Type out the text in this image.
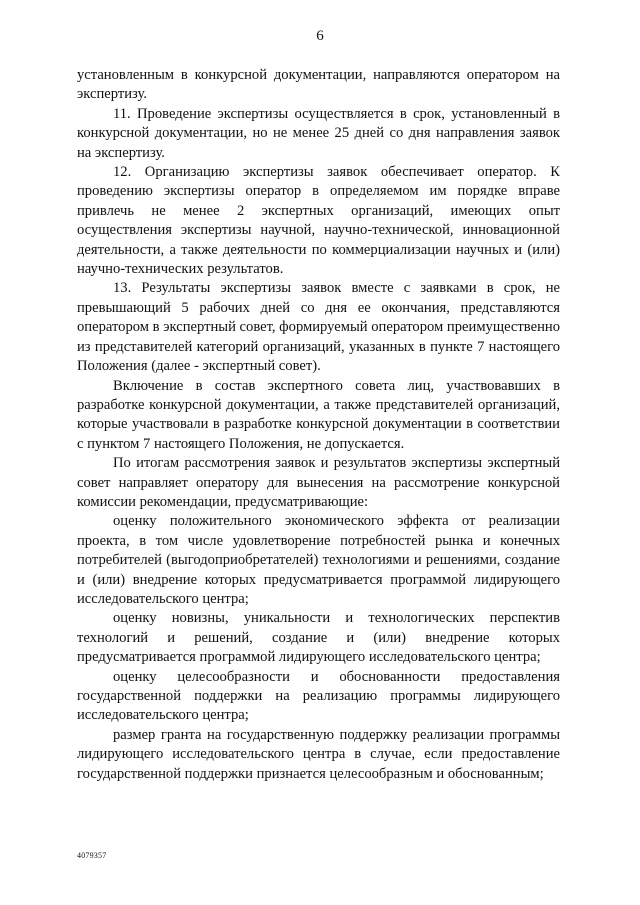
6

установленным в конкурсной документации, направляются оператором на экспертизу.

11. Проведение экспертизы осуществляется в срок, установленный в конкурсной документации, но не менее 25 дней со дня направления заявок на экспертизу.

12. Организацию экспертизы заявок обеспечивает оператор. К проведению экспертизы оператор в определяемом им порядке вправе привлечь не менее 2 экспертных организаций, имеющих опыт осуществления экспертизы научной, научно-технической, инновационной деятельности, а также деятельности по коммерциализации научных и (или) научно-технических результатов.

13. Результаты экспертизы заявок вместе с заявками в срок, не превышающий 5 рабочих дней со дня ее окончания, представляются оператором в экспертный совет, формируемый оператором преимущественно из представителей категорий организаций, указанных в пункте 7 настоящего Положения (далее - экспертный совет).

Включение в состав экспертного совета лиц, участвовавших в разработке конкурсной документации, а также представителей организаций, которые участвовали в разработке конкурсной документации в соответствии с пунктом 7 настоящего Положения, не допускается.

По итогам рассмотрения заявок и результатов экспертизы экспертный совет направляет оператору для вынесения на рассмотрение конкурсной комиссии рекомендации, предусматривающие:

оценку положительного экономического эффекта от реализации проекта, в том числе удовлетворение потребностей рынка и конечных потребителей (выгодоприобретателей) технологиями и решениями, создание и (или) внедрение которых предусматривается программой лидирующего исследовательского центра;

оценку новизны, уникальности и технологических перспектив технологий и решений, создание и (или) внедрение которых предусматривается программой лидирующего исследовательского центра;

оценку целесообразности и обоснованности предоставления государственной поддержки на реализацию программы лидирующего исследовательского центра;

размер гранта на государственную поддержку реализации программы лидирующего исследовательского центра в случае, если предоставление государственной поддержки признается целесообразным и обоснованным;

4079357
